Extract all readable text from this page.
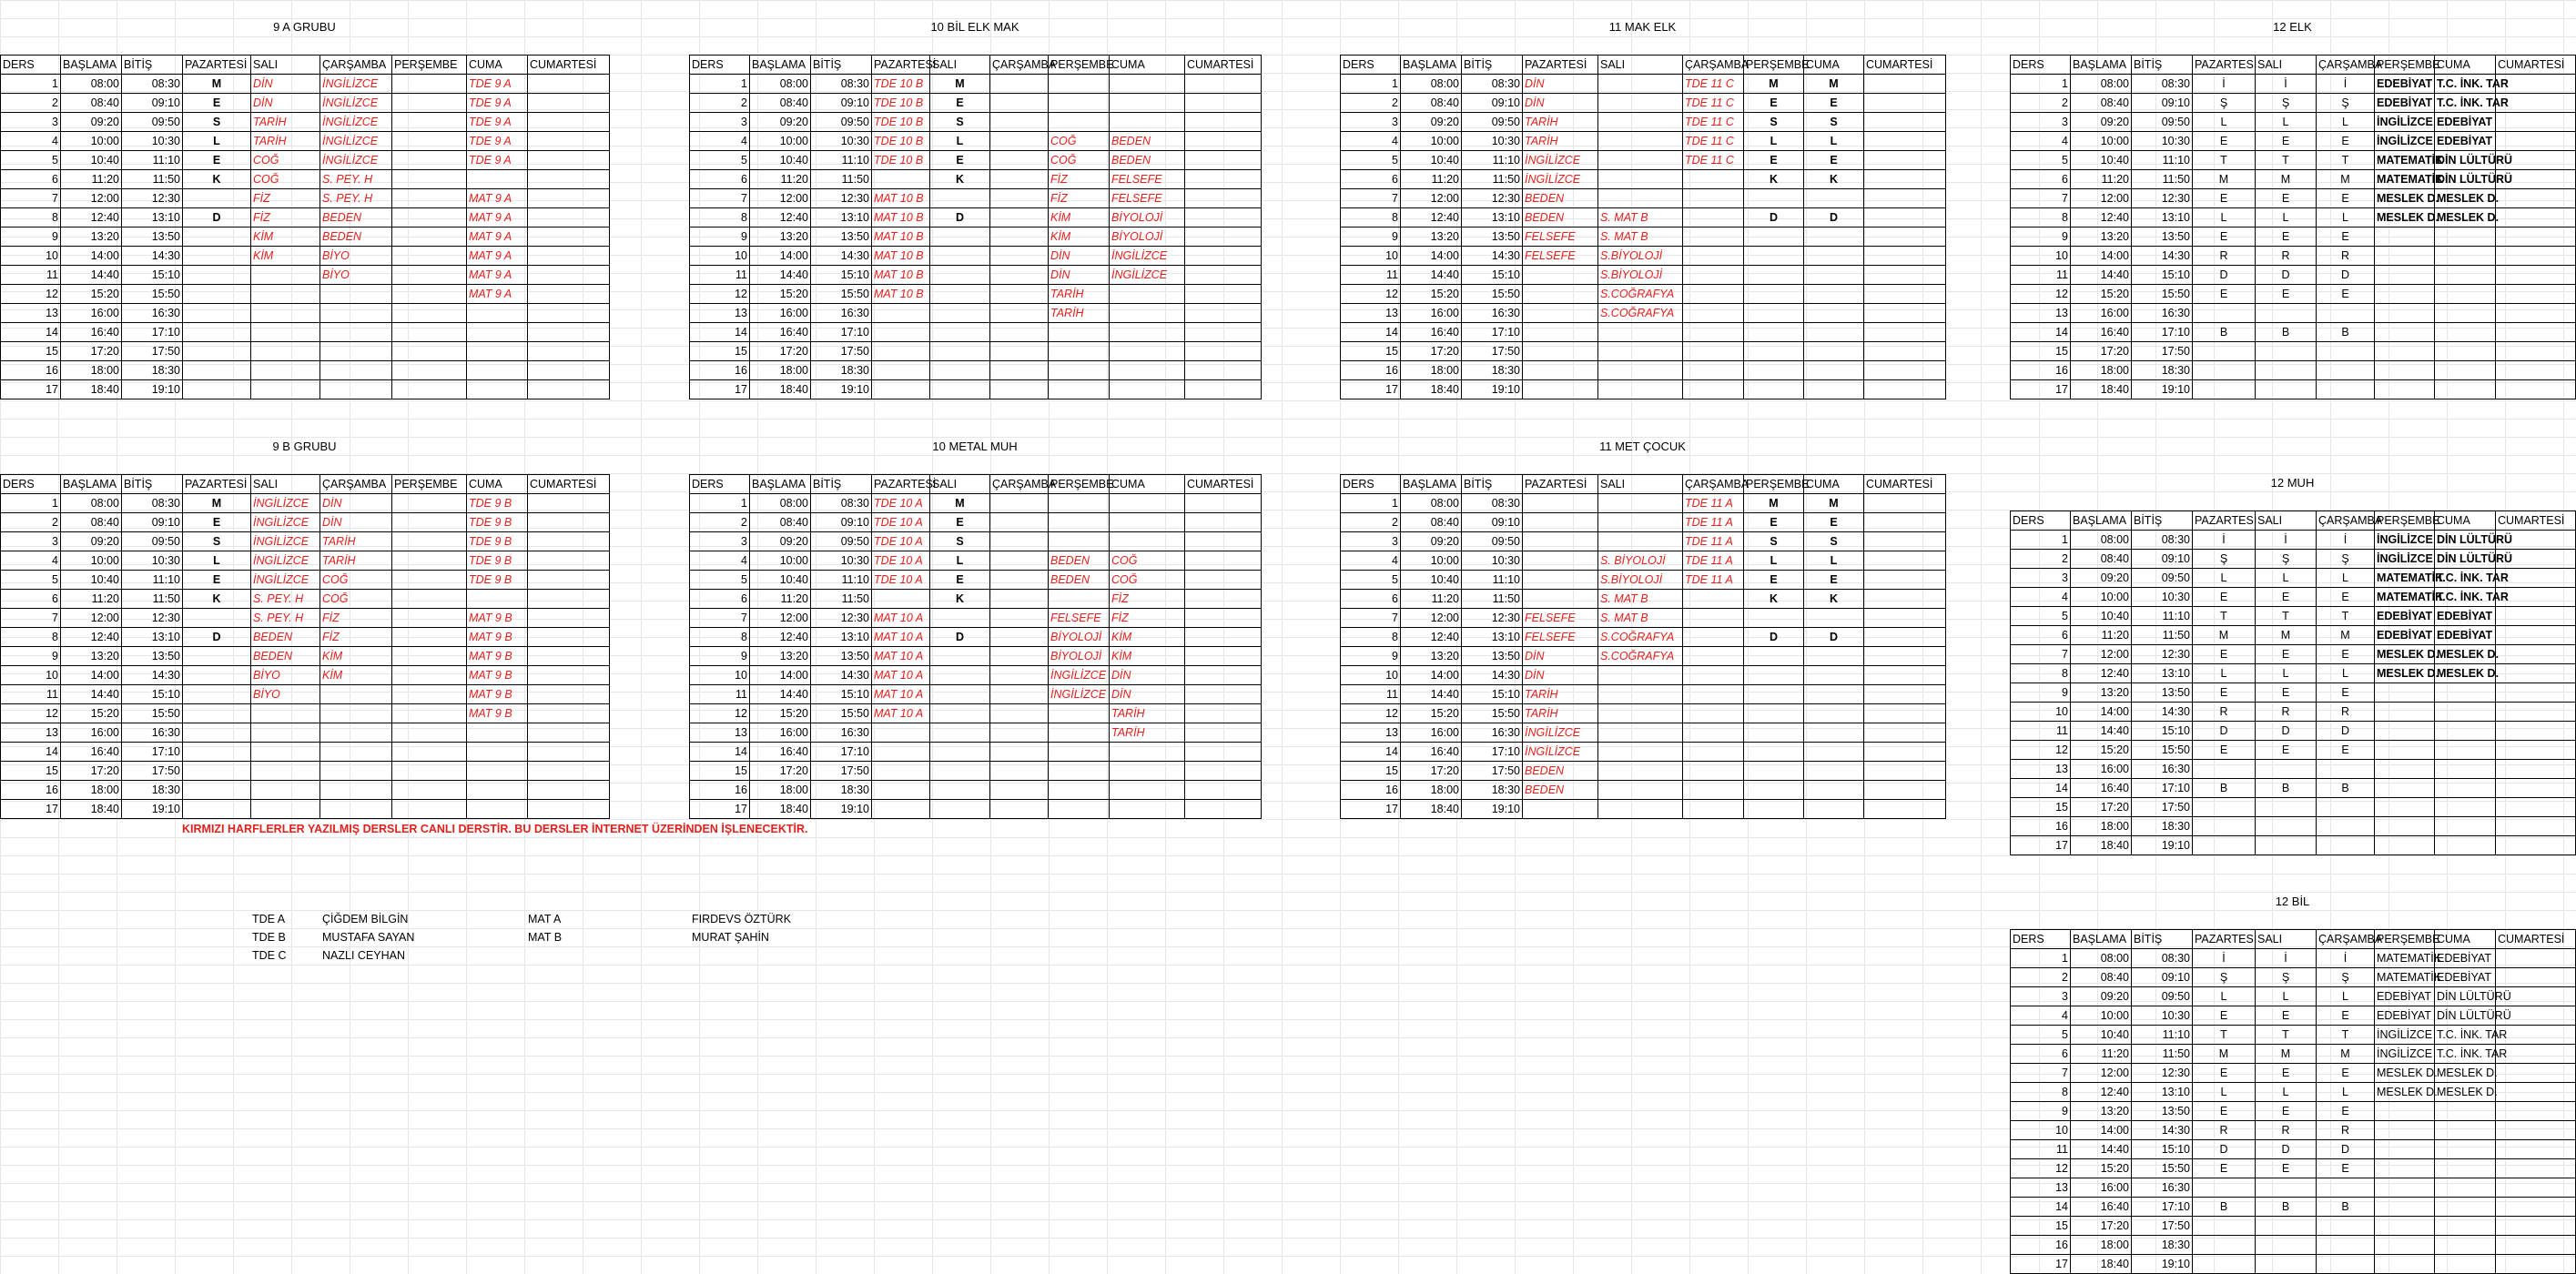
9 A GRUBU
DERS	BAŞLAMA	BİTİŞ	PAZARTESİ	SALI	ÇARŞAMBA	PERŞEMBE	CUMA	CUMARTESİ
1	08:00	08:30	M	DİN	İNGİLİZCE		TDE 9 A	
2	08:40	09:10	E	DİN	İNGİLİZCE		TDE 9 A	
3	09:20	09:50	S	TARİH	İNGİLİZCE		TDE 9 A	
4	10:00	10:30	L	TARİH	İNGİLİZCE		TDE 9 A	
5	10:40	11:10	E	COĞ	İNGİLİZCE		TDE 9 A	
6	11:20	11:50	K	COĞ	S. PEY. H			
7	12:00	12:30		FİZ	S. PEY. H		MAT 9 A	
8	12:40	13:10	D	FİZ	BEDEN		MAT 9 A	
9	13:20	13:50		KİM	BEDEN		MAT 9 A	
10	14:00	14:30		KİM	BİYO		MAT 9 A	
11	14:40	15:10			BİYO		MAT 9 A	
12	15:20	15:50					MAT 9 A	
13	16:00	16:30						
14	16:40	17:10						
15	17:20	17:50						
16	18:00	18:30						
17	18:40	19:10						
10 BİL ELK MAK
DERS	BAŞLAMA	BİTİŞ	PAZARTESİ	SALI	ÇARŞAMBA	PERŞEMBE	CUMA	CUMARTESİ
1	08:00	08:30	TDE 10 B	M				
2	08:40	09:10	TDE 10 B	E				
3	09:20	09:50	TDE 10 B	S				
4	10:00	10:30	TDE 10 B	L		COĞ	BEDEN	
5	10:40	11:10	TDE 10 B	E		COĞ	BEDEN	
6	11:20	11:50		K		FİZ	FELSEFE	
7	12:00	12:30	MAT 10 B			FİZ	FELSEFE	
8	12:40	13:10	MAT 10 B	D		KİM	BİYOLOJİ	
9	13:20	13:50	MAT 10 B			KİM	BİYOLOJİ	
10	14:00	14:30	MAT 10 B			DİN	İNGİLİZCE	
11	14:40	15:10	MAT 10 B			DİN	İNGİLİZCE	
12	15:20	15:50	MAT 10 B			TARİH		
13	16:00	16:30				TARİH		
14	16:40	17:10						
15	17:20	17:50						
16	18:00	18:30						
17	18:40	19:10						
11 MAK ELK
DERS	BAŞLAMA	BİTİŞ	PAZARTESİ	SALI	ÇARŞAMBA	PERŞEMBE	CUMA	CUMARTESİ
1	08:00	08:30	DİN		TDE 11 C	M	M	
2	08:40	09:10	DİN		TDE 11 C	E	E	
3	09:20	09:50	TARİH		TDE 11 C	S	S	
4	10:00	10:30	TARİH		TDE 11 C	L	L	
5	10:40	11:10	İNGİLİZCE		TDE 11 C	E	E	
6	11:20	11:50	İNGİLİZCE			K	K	
7	12:00	12:30	BEDEN					
8	12:40	13:10	BEDEN	S. MAT B		D	D	
9	13:20	13:50	FELSEFE	S. MAT B				
10	14:00	14:30	FELSEFE	S.BİYOLOJİ				
11	14:40	15:10		S.BİYOLOJİ				
12	15:20	15:50		S.COĞRAFYA				
13	16:00	16:30		S.COĞRAFYA				
14	16:40	17:10						
15	17:20	17:50						
16	18:00	18:30						
17	18:40	19:10						
12 ELK
DERS	BAŞLAMA	BİTİŞ	PAZARTESİ	SALI	ÇARŞAMBA	PERŞEMBE	CUMA	CUMARTESİ
1	08:00	08:30	İ	İ	İ	EDEBİYAT	T.C. İNK. TAR	
2	08:40	09:10	Ş	Ş	Ş	EDEBİYAT	T.C. İNK. TAR	
3	09:20	09:50	L	L	L	İNGİLİZCE	EDEBİYAT	
4	10:00	10:30	E	E	E	İNGİLİZCE	EDEBİYAT	
5	10:40	11:10	T	T	T	MATEMATİK	DİN LÜLTÜRÜ	
6	11:20	11:50	M	M	M	MATEMATİK	DİN LÜLTÜRÜ	
7	12:00	12:30	E	E	E	MESLEK D.	MESLEK D.	
8	12:40	13:10	L	L	L	MESLEK D.	MESLEK D.	
9	13:20	13:50	E	E	E			
10	14:00	14:30	R	R	R			
11	14:40	15:10	D	D	D			
12	15:20	15:50	E	E	E			
13	16:00	16:30						
14	16:40	17:10	B	B	B			
15	17:20	17:50						
16	18:00	18:30						
17	18:40	19:10						
9 B GRUBU
DERS	BAŞLAMA	BİTİŞ	PAZARTESİ	SALI	ÇARŞAMBA	PERŞEMBE	CUMA	CUMARTESİ
1	08:00	08:30	M	İNGİLİZCE	DİN		TDE 9 B	
2	08:40	09:10	E	İNGİLİZCE	DİN		TDE 9 B	
3	09:20	09:50	S	İNGİLİZCE	TARİH		TDE 9 B	
4	10:00	10:30	L	İNGİLİZCE	TARİH		TDE 9 B	
5	10:40	11:10	E	İNGİLİZCE	COĞ		TDE 9 B	
6	11:20	11:50	K	S. PEY. H	COĞ			
7	12:00	12:30		S. PEY. H	FİZ		MAT 9 B	
8	12:40	13:10	D	BEDEN	FİZ		MAT 9 B	
9	13:20	13:50		BEDEN	KİM		MAT 9 B	
10	14:00	14:30		BİYO	KİM		MAT 9 B	
11	14:40	15:10		BİYO			MAT 9 B	
12	15:20	15:50					MAT 9 B	
13	16:00	16:30						
14	16:40	17:10						
15	17:20	17:50						
16	18:00	18:30						
17	18:40	19:10						
10 METAL MUH
DERS	BAŞLAMA	BİTİŞ	PAZARTESİ	SALI	ÇARŞAMBA	PERŞEMBE	CUMA	CUMARTESİ
1	08:00	08:30	TDE 10 A	M				
2	08:40	09:10	TDE 10 A	E				
3	09:20	09:50	TDE 10 A	S				
4	10:00	10:30	TDE 10 A	L		BEDEN	COĞ	
5	10:40	11:10	TDE 10 A	E		BEDEN	COĞ	
6	11:20	11:50		K			FİZ	
7	12:00	12:30	MAT 10 A			FELSEFE	FİZ	
8	12:40	13:10	MAT 10 A	D		BİYOLOJİ	KİM	
9	13:20	13:50	MAT 10 A			BİYOLOJİ	KİM	
10	14:00	14:30	MAT 10 A			İNGİLİZCE	DİN	
11	14:40	15:10	MAT 10 A			İNGİLİZCE	DİN	
12	15:20	15:50	MAT 10 A				TARİH	
13	16:00	16:30					TARİH	
14	16:40	17:10						
15	17:20	17:50						
16	18:00	18:30						
17	18:40	19:10						
11 MET ÇOCUK
DERS	BAŞLAMA	BİTİŞ	PAZARTESİ	SALI	ÇARŞAMBA	PERŞEMBE	CUMA	CUMARTESİ
1	08:00	08:30			TDE 11 A	M	M	
2	08:40	09:10			TDE 11 A	E	E	
3	09:20	09:50			TDE 11 A	S	S	
4	10:00	10:30		S. BİYOLOJİ	TDE 11 A	L	L	
5	10:40	11:10		S.BİYOLOJİ	TDE 11 A	E	E	
6	11:20	11:50		S. MAT B		K	K	
7	12:00	12:30	FELSEFE	S. MAT B				
8	12:40	13:10	FELSEFE	S.COĞRAFYA		D	D	
9	13:20	13:50	DİN	S.COĞRAFYA				
10	14:00	14:30	DİN					
11	14:40	15:10	TARİH					
12	15:20	15:50	TARİH					
13	16:00	16:30	İNGİLİZCE					
14	16:40	17:10	İNGİLİZCE					
15	17:20	17:50	BEDEN					
16	18:00	18:30	BEDEN					
17	18:40	19:10						
12 MUH
DERS	BAŞLAMA	BİTİŞ	PAZARTESİ	SALI	ÇARŞAMBA	PERŞEMBE	CUMA	CUMARTESİ
1	08:00	08:30	İ	İ	İ	İNGİLİZCE	DİN LÜLTÜRÜ	
2	08:40	09:10	Ş	Ş	Ş	İNGİLİZCE	DİN LÜLTÜRÜ	
3	09:20	09:50	L	L	L	MATEMATİK	T.C. İNK. TAR	
4	10:00	10:30	E	E	E	MATEMATİK	T.C. İNK. TAR	
5	10:40	11:10	T	T	T	EDEBİYAT	EDEBİYAT	
6	11:20	11:50	M	M	M	EDEBİYAT	EDEBİYAT	
7	12:00	12:30	E	E	E	MESLEK D.	MESLEK D.	
8	12:40	13:10	L	L	L	MESLEK D.	MESLEK D.	
9	13:20	13:50	E	E	E			
10	14:00	14:30	R	R	R			
11	14:40	15:10	D	D	D			
12	15:20	15:50	E	E	E			
13	16:00	16:30						
14	16:40	17:10	B	B	B			
15	17:20	17:50						
16	18:00	18:30						
17	18:40	19:10						
12 BİL
DERS	BAŞLAMA	BİTİŞ	PAZARTESİ	SALI	ÇARŞAMBA	PERŞEMBE	CUMA	CUMARTESİ
1	08:00	08:30	İ	İ	İ	MATEMATİK	EDEBİYAT	
2	08:40	09:10	Ş	Ş	Ş	MATEMATİK	EDEBİYAT	
3	09:20	09:50	L	L	L	EDEBİYAT	DİN LÜLTÜRÜ	
4	10:00	10:30	E	E	E	EDEBİYAT	DİN LÜLTÜRÜ	
5	10:40	11:10	T	T	T	İNGİLİZCE	T.C. İNK. TAR	
6	11:20	11:50	M	M	M	İNGİLİZCE	T.C. İNK. TAR	
7	12:00	12:30	E	E	E	MESLEK D.	MESLEK D.	
8	12:40	13:10	L	L	L	MESLEK D.	MESLEK D.	
9	13:20	13:50	E	E	E			
10	14:00	14:30	R	R	R			
11	14:40	15:10	D	D	D			
12	15:20	15:50	E	E	E			
13	16:00	16:30						
14	16:40	17:10	B	B	B			
15	17:20	17:50						
16	18:00	18:30						
17	18:40	19:10						
KIRMIZI HARFLERLER YAZILMIŞ DERSLER CANLI DERSTİR. BU DERSLER İNTERNET ÜZERİNDEN İŞLENECEKTİR.
TDE A	ÇİĞDEM BİLGİN
TDE B	MUSTAFA SAYAN
TDE C	NAZLI CEYHAN
MAT A	FIRDEVS ÖZTÜRK
MAT B	MURAT ŞAHİN
